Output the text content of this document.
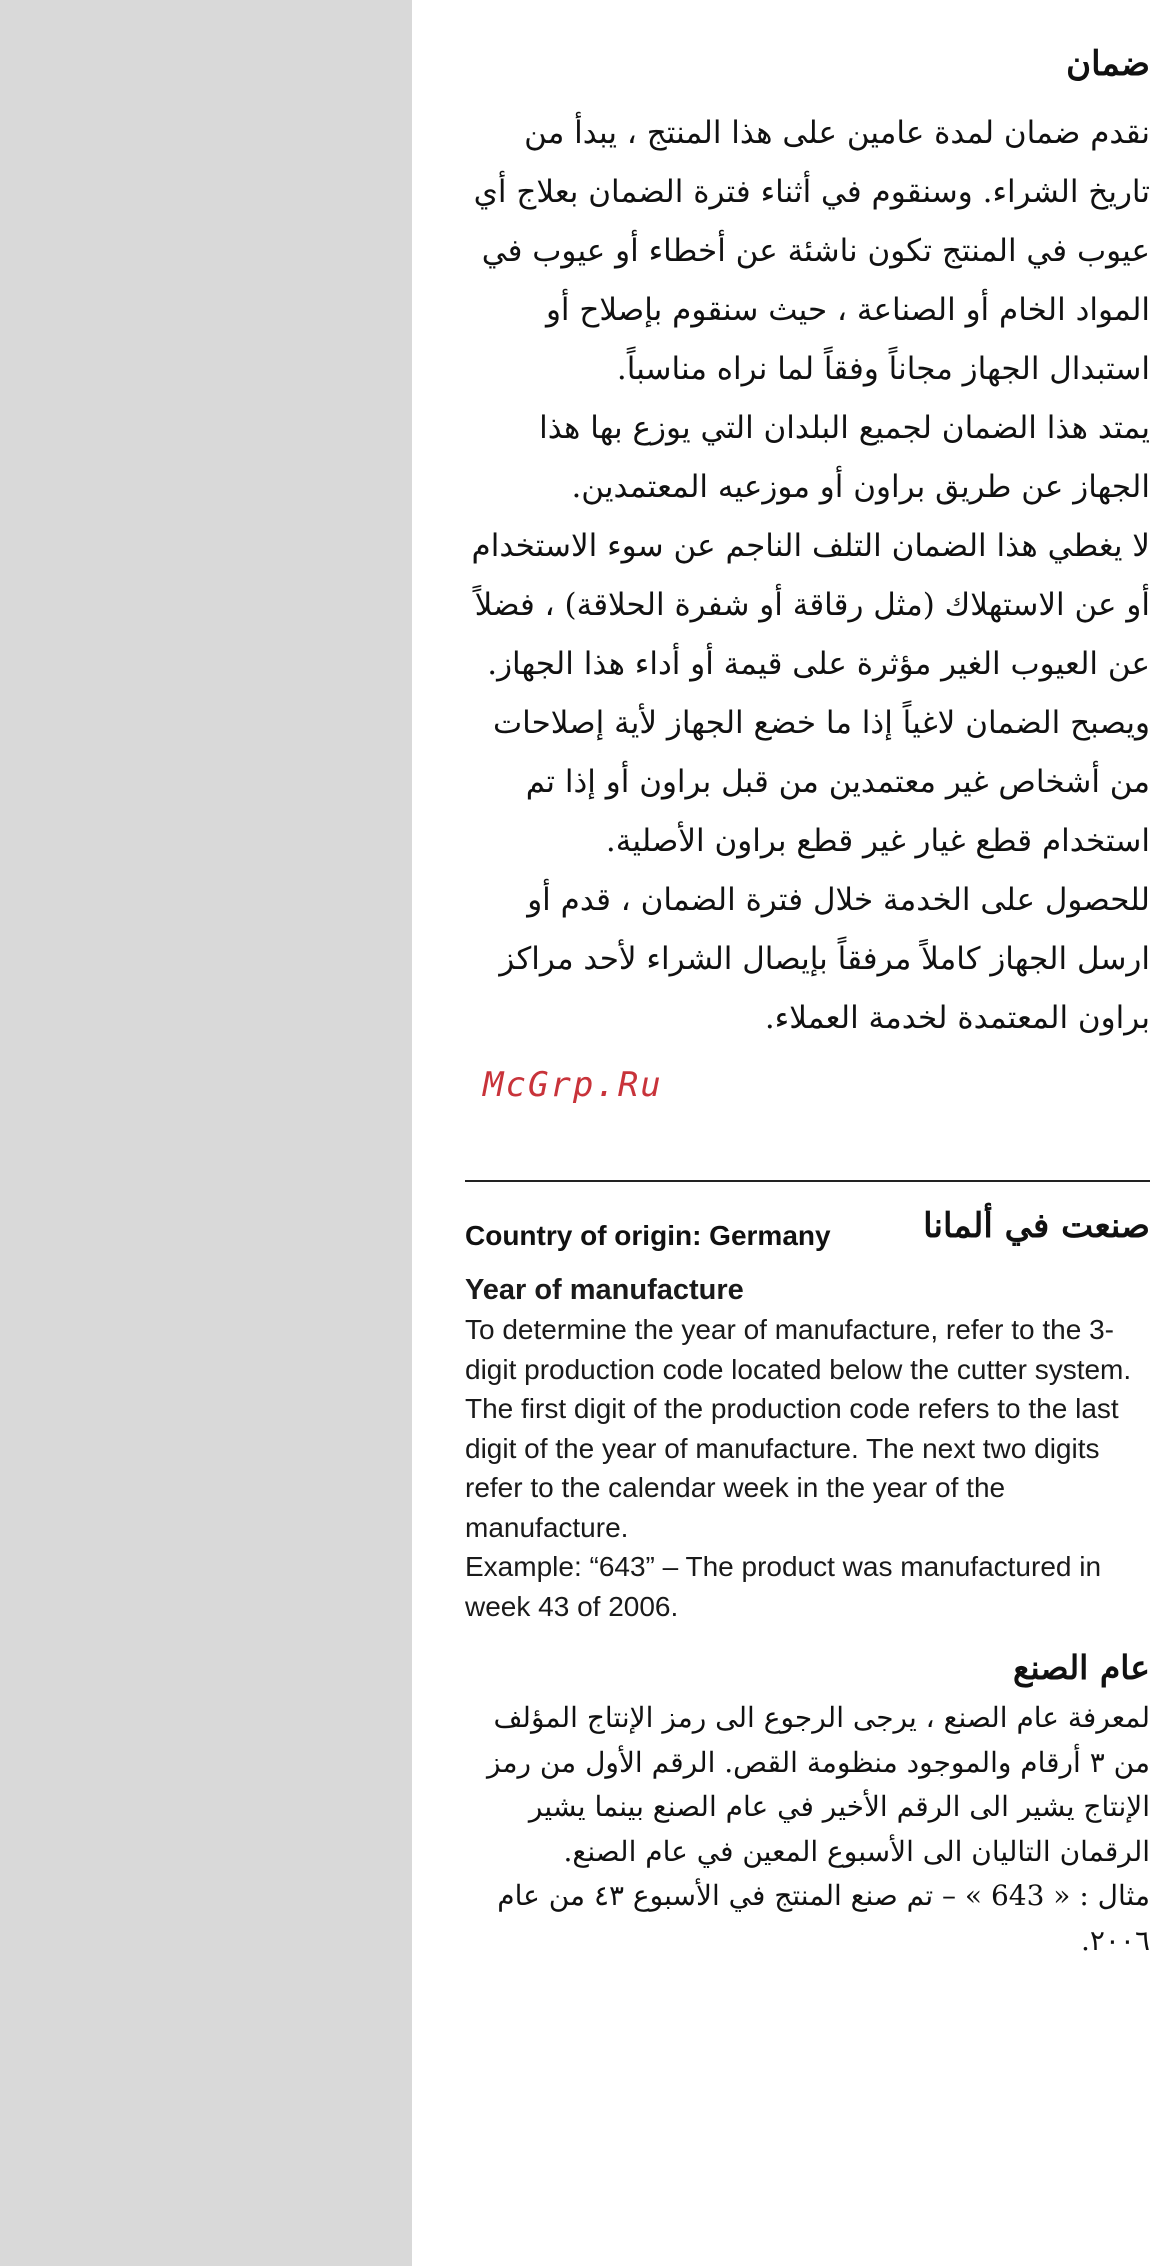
ضمان

نقدم ضمان لمدة عامين على هذا المنتج ، يبدأ من تاريخ الشراء. وسنقوم في أثناء فترة الضمان بعلاج أي عيوب في المنتج تكون ناشئة عن أخطاء أو عيوب في المواد الخام أو الصناعة ، حيث سنقوم بإصلاح أو استبدال الجهاز مجاناً وفقاً لما نراه مناسباً.

يمتد هذا الضمان لجميع البلدان التي يوزع بها هذا الجهاز عن طريق براون أو موزعيه المعتمدين.

لا يغطي هذا الضمان التلف الناجم عن سوء الاستخدام أو عن الاستهلاك (مثل رقاقة أو شفرة الحلاقة) ، فضلاً عن العيوب الغير مؤثرة على قيمة أو أداء هذا الجهاز. ويصبح الضمان لاغياً إذا ما خضع الجهاز لأية إصلاحات من أشخاص غير معتمدين من قبل براون أو إذا تم استخدام قطع غيار غير قطع براون الأصلية.

للحصول على الخدمة خلال فترة الضمان ، قدم أو ارسل الجهاز كاملاً مرفقاً بإيصال الشراء لأحد مراكز براون المعتمدة لخدمة العملاء.

McGrp.Ru
Country of origin: Germany	صنعت في ألمانا
Year of manufacture

To determine the year of manufacture, refer to the 3-digit production code located below the cutter system. The first digit of the production code refers to the last digit of the year of manufacture. The next two digits refer to the calendar week in the year of the manufacture.

Example: “643” – The product was manufactured in week 43 of 2006.

عام الصنع

لمعرفة عام الصنع ، يرجى الرجوع الى رمز الإنتاج المؤلف من ٣ أرقام والموجود منظومة القص. الرقم الأول من رمز الإنتاج يشير الى الرقم الأخير في عام الصنع بينما يشير الرقمان التاليان الى الأسبوع المعين في عام الصنع.

مثال : « 643 » – تم صنع المنتج في الأسبوع ٤٣ من عام ٢٠٠٦.
